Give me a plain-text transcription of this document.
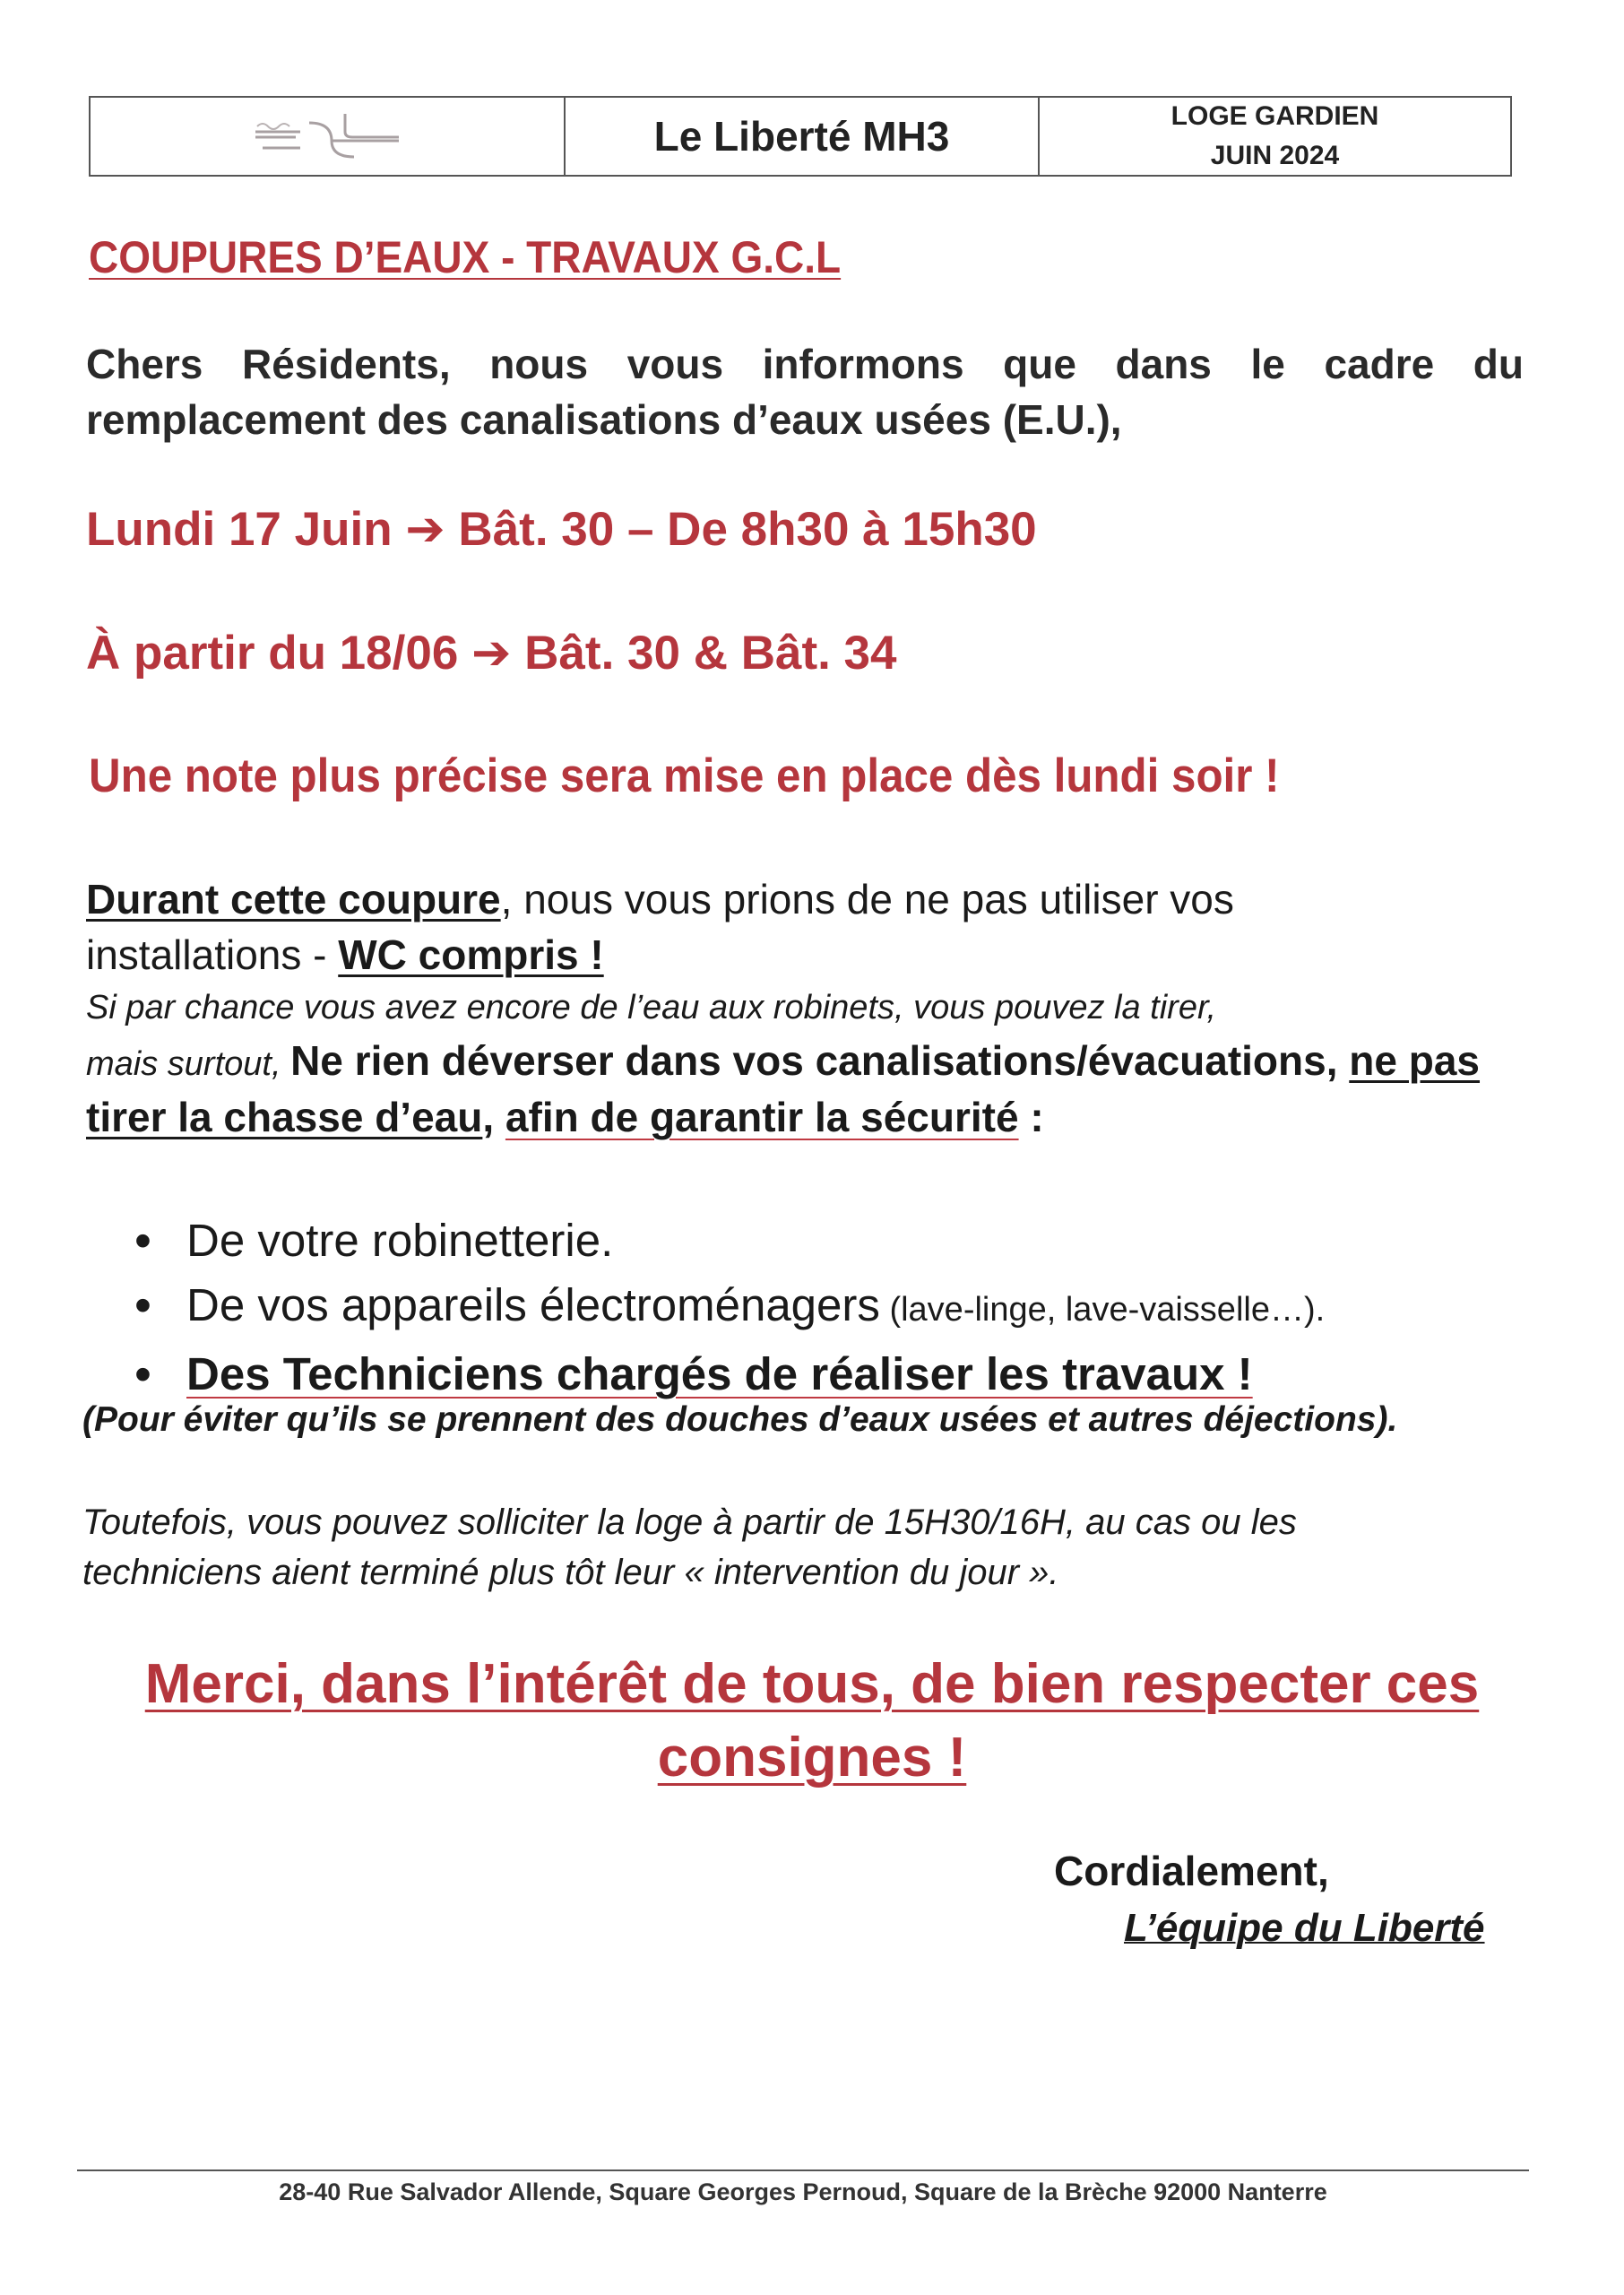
Le Liberté MH3	LOGE GARDIEN
JUIN 2024
COUPURES D’EAUX - TRAVAUX G.C.L
Chers Résidents, nous vous informons que dans le cadre du
remplacement des canalisations d’eaux usées (E.U.),
Lundi 17 Juin ➔ Bât. 30 – De 8h30 à 15h30
À partir du 18/06 ➔ Bât. 30 & Bât. 34
Une note plus précise sera mise en place dès lundi soir !
Durant cette coupure, nous vous prions de ne pas utiliser vos
installations - WC compris !
Si par chance vous avez encore de l’eau aux robinets, vous pouvez la tirer,
mais surtout, Ne rien déverser dans vos canalisations/évacuations, ne pas tirer la chasse d’eau, afin de garantir la sécurité :
• De votre robinetterie.
• De vos appareils électroménagers (lave-linge, lave-vaisselle…).
• Des Techniciens chargés de réaliser les travaux !
(Pour éviter qu’ils se prennent des douches d’eaux usées et autres déjections).
Toutefois, vous pouvez solliciter la loge à partir de 15H30/16H, au cas ou les
techniciens aient terminé plus tôt leur « intervention du jour ».
Merci, dans l’intérêt de tous, de bien respecter ces
consignes !
Cordialement,
L’équipe du Liberté
28-40 Rue Salvador Allende, Square Georges Pernoud, Square de la Brèche 92000 Nanterre
